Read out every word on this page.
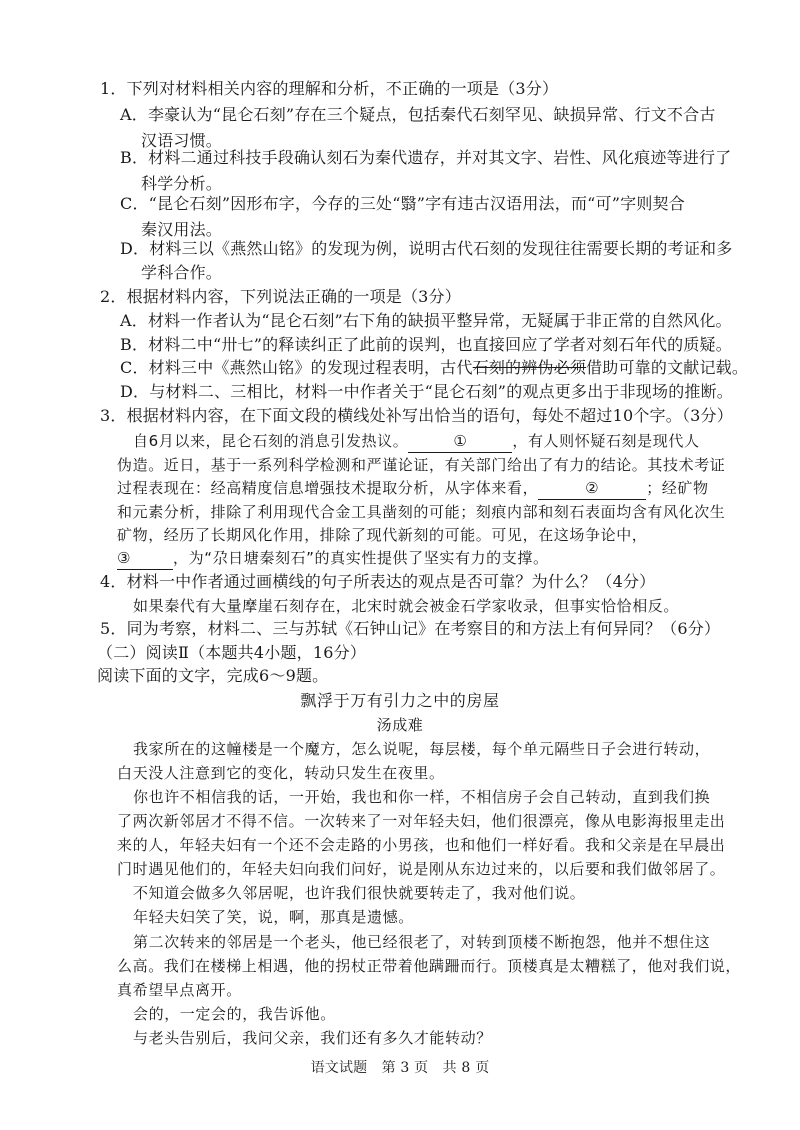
1．下列对材料相关内容的理解和分析，不正确的一项是（3分）
A．李豪认为“昆仑石刻”存在三个疑点，包括秦代石刻罕见、缺损异常、行文不合古
汉语习惯。
B．材料二通过科技手段确认刻石为秦代遗存，并对其文字、岩性、风化痕迹等进行了
科学分析。
C．“昆仑石刻”因形布字，今存的三处“翳”字有违古汉语用法，而“可”字则契合
秦汉用法。
D．材料三以《燕然山铭》的发现为例，说明古代石刻的发现往往需要长期的考证和多
学科合作。
2．根据材料内容，下列说法正确的一项是（3分）
A．材料一作者认为“昆仑石刻”右下角的缺损平整异常，无疑属于非正常的自然风化。
B．材料二中“卅七”的释读纠正了此前的误判，也直接回应了学者对刻石年代的质疑。
C．材料三中《燕然山铭》的发现过程表明，古代石刻的辨伪必须借助可靠的文献记载。
D．与材料二、三相比，材料一中作者关于“昆仑石刻”的观点更多出于非现场的推断。
3．根据材料内容，在下面文段的横线处补写出恰当的语句，每处不超过10个字。（3分）
自6月以来，昆仑石刻的消息引发热议。	①	，有人则怀疑石刻是现代人
伪造。近日，基于一系列科学检测和严谨论证，有关部门给出了有力的结论。其技术考证
过程表现在：经高精度信息增强技术提取分析，从字体来看，	②	；经矿物
和元素分析，排除了利用现代合金工具凿刻的可能；刻痕内部和刻石表面均含有风化次生
矿物，经历了长期风化作用，排除了现代新刻的可能。可见，在这场争论中，
③	，为“尕日塘秦刻石”的真实性提供了坚实有力的支撑。
4．材料一中作者通过画横线的句子所表达的观点是否可靠？为什么？（4分）
如果秦代有大量摩崖石刻存在，北宋时就会被金石学家收录，但事实恰恰相反。
5．同为考察，材料二、三与苏轼《石钟山记》在考察目的和方法上有何异同？（6分）
（二）阅读Ⅱ（本题共4小题，16分）
阅读下面的文字，完成6～9题。
飘浮于万有引力之中的房屋
汤成难
我家所在的这幢楼是一个魔方，怎么说呢，每层楼，每个单元隔些日子会进行转动，
白天没人注意到它的变化，转动只发生在夜里。
你也许不相信我的话，一开始，我也和你一样，不相信房子会自己转动，直到我们换
了两次新邻居才不得不信。一次转来了一对年轻夫妇，他们很漂亮，像从电影海报里走出
来的人，年轻夫妇有一个还不会走路的小男孩，也和他们一样好看。我和父亲是在早晨出
门时遇见他们的，年轻夫妇向我们问好，说是刚从东边过来的，以后要和我们做邻居了。
不知道会做多久邻居呢，也许我们很快就要转走了，我对他们说。
年轻夫妇笑了笑，说，啊，那真是遗憾。
第二次转来的邻居是一个老头，他已经很老了，对转到顶楼不断抱怨，他并不想住这
么高。我们在楼梯上相遇，他的拐杖正带着他蹒跚而行。顶楼真是太糟糕了，他对我们说，
真希望早点离开。
会的，一定会的，我告诉他。
与老头告别后，我问父亲，我们还有多久才能转动？
语文试题　第 3 页　共 8 页
